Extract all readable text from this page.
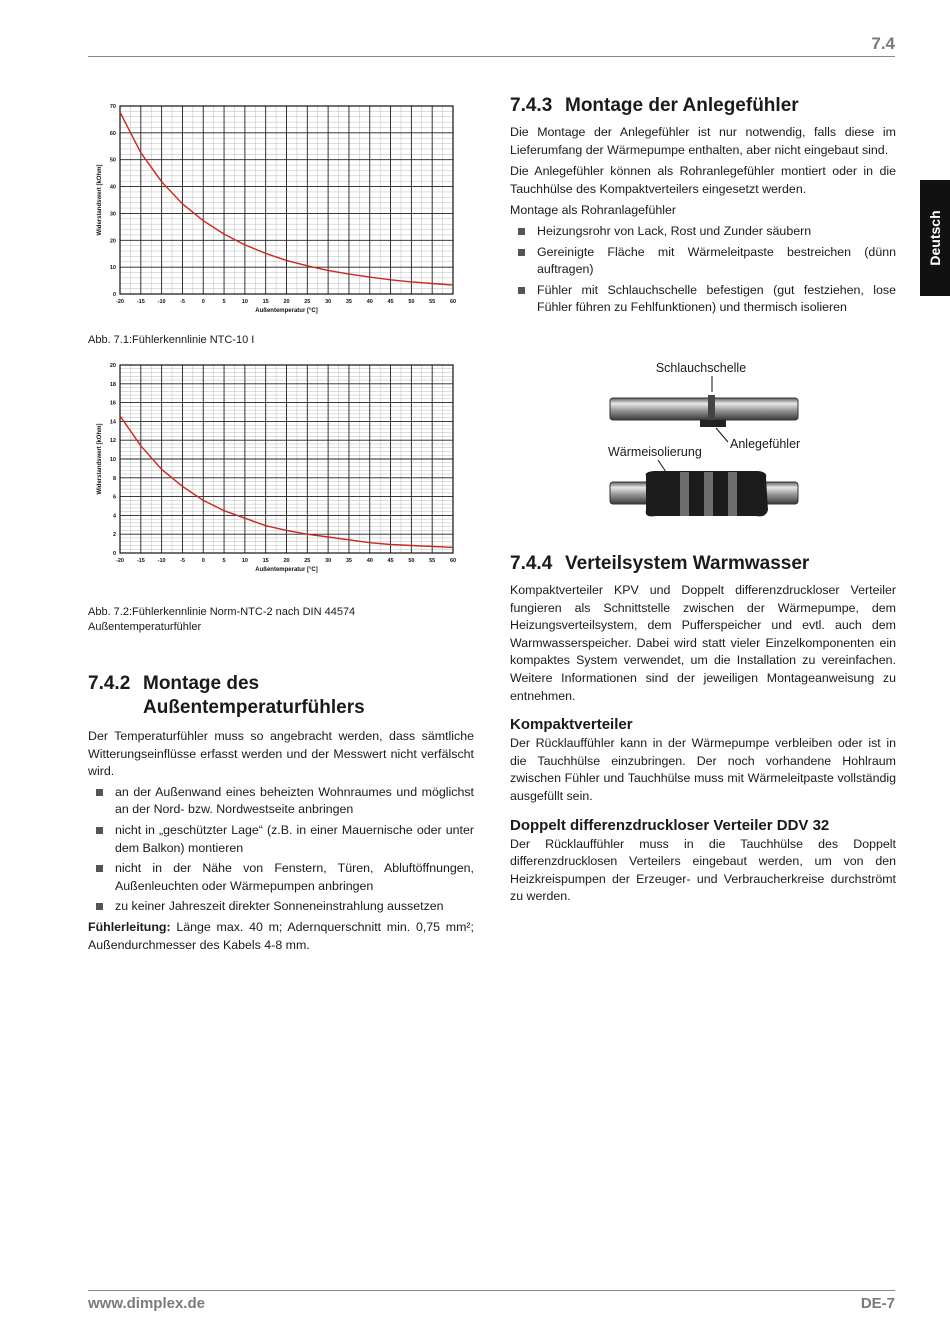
7.4
Deutsch
www.dimplex.de	DE-7
-20 -15 -10	-5	0	5	10	15	20	25	30	35	40	45	50	55	60
0
10
20
30
40
50
60
70
Außentemperatur [°C]
Widerstandswert [kOhm]
Abb. 7.1:Fühlerkennlinie NTC-10 I
-20 -15 -10	-5	0	5	10	15	20	25	30	35	40	45	50	55	60
0
2
4
6
8
10
12
14
16
18
20
Außentemperatur [°C]
Widerstandswert [kOhm]
Abb. 7.2:Fühlerkennlinie Norm-NTC-2 nach DIN 44574
Außentemperaturfühler
7.4.2 Montage des
Außentemperaturfühlers

Der Temperaturfühler muss so angebracht werden, dass sämtliche Witterungseinflüsse erfasst werden und der Messwert nicht verfälscht wird.

an der Außenwand eines beheizten Wohnraumes und möglichst an der Nord- bzw. Nordwestseite anbringen
nicht in „geschützter Lage“ (z.B. in einer Mauernische oder unter dem Balkon) montieren
nicht in der Nähe von Fenstern, Türen, Abluftöffnungen, Außenleuchten oder Wärmepumpen anbringen
zu keiner Jahreszeit direkter Sonneneinstrahlung aussetzen

Fühlerleitung: Länge max. 40 m; Adernquerschnitt min. 0,75 mm²; Außendurchmesser des Kabels 4-8 mm.

7.4.3 Montage der Anlegefühler

Die Montage der Anlegefühler ist nur notwendig, falls diese im Lieferumfang der Wärmepumpe enthalten, aber nicht eingebaut sind.

Die Anlegefühler können als Rohranlegefühler montiert oder in die Tauchhülse des Kompaktverteilers eingesetzt werden.

Montage als Rohranlagefühler

Heizungsrohr von Lack, Rost und Zunder säubern
Gereinigte Fläche mit Wärmeleitpaste bestreichen (dünn auftragen)
Fühler mit Schlauchschelle befestigen (gut festziehen, lose Fühler führen zu Fehlfunktionen) und thermisch isolieren
Schlauchschelle
Anlegefühler
Wärmeisolierung
7.4.4 Verteilsystem Warmwasser

Kompaktverteiler KPV und Doppelt differenzdruckloser Verteiler fungieren als Schnittstelle zwischen der Wärmepumpe, dem Heizungsverteilsystem, dem Pufferspeicher und evtl. auch dem Warmwasserspeicher. Dabei wird statt vieler Einzelkomponenten ein kompaktes System verwendet, um die Installation zu vereinfachen. Weitere Informationen sind der jeweiligen Montageanweisung zu entnehmen.

Kompaktverteiler

Der Rücklauffühler kann in der Wärmepumpe verbleiben oder ist in die Tauchhülse einzubringen. Der noch vorhandene Hohlraum zwischen Fühler und Tauchhülse muss mit Wärmeleitpaste vollständig ausgefüllt sein.

Doppelt differenzdruckloser Verteiler DDV 32

Der Rücklauffühler muss in die Tauchhülse des Doppelt differenzdrucklosen Verteilers eingebaut werden, um von den Heizkreispumpen der Erzeuger- und Verbraucherkreise durchströmt zu werden.
